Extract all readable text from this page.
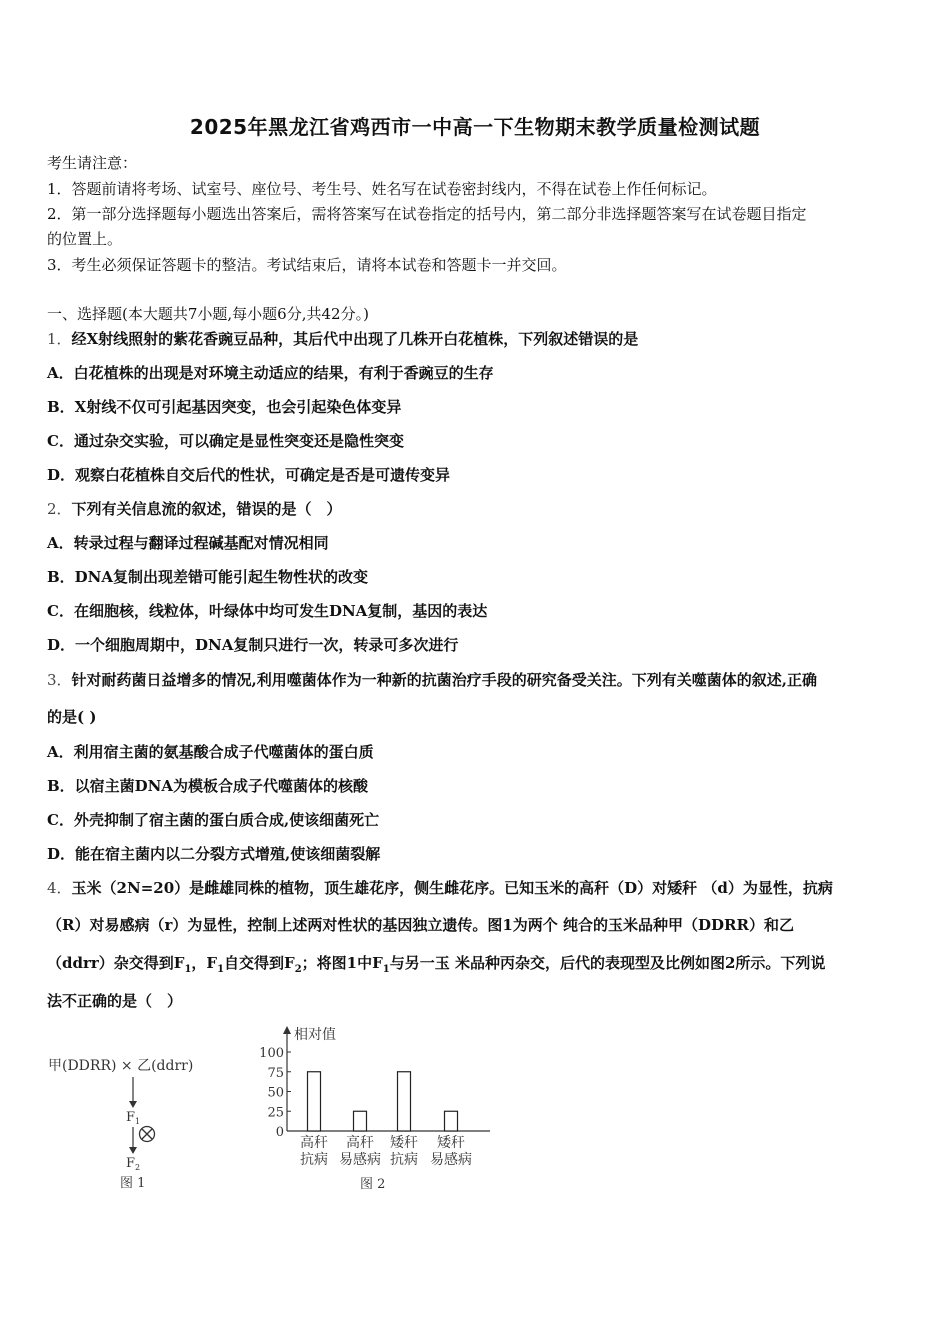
2025年黑龙江省鸡西市一中高一下生物期末教学质量检测试题
考生请注意：
1．答题前请将考场、试室号、座位号、考生号、姓名写在试卷密封线内，不得在试卷上作任何标记。
2．第一部分选择题每小题选出答案后，需将答案写在试卷指定的括号内，第二部分非选择题答案写在试卷题目指定
的位置上。
3．考生必须保证答题卡的整洁。考试结束后，请将本试卷和答题卡一并交回。
一、选择题(本大题共7小题,每小题6分,共42分。)
1．经X射线照射的紫花香豌豆品种，其后代中出现了几株开白花植株，下列叙述错误的是
A．白花植株的出现是对环境主动适应的结果，有利于香豌豆的生存
B．X射线不仅可引起基因突变，也会引起染色体变异
C．通过杂交实验，可以确定是显性突变还是隐性突变
D．观察白花植株自交后代的性状，可确定是否是可遗传变异
2．下列有关信息流的叙述，错误的是（　）
A．转录过程与翻译过程碱基配对情况相同
B．DNA复制出现差错可能引起生物性状的改变
C．在细胞核，线粒体，叶绿体中均可发生DNA复制，基因的表达
D．一个细胞周期中，DNA复制只进行一次，转录可多次进行
3．针对耐药菌日益增多的情况,利用噬菌体作为一种新的抗菌治疗手段的研究备受关注。下列有关噬菌体的叙述,正确
的是( )
A．利用宿主菌的氨基酸合成子代噬菌体的蛋白质
B．以宿主菌DNA为模板合成子代噬菌体的核酸
C．外壳抑制了宿主菌的蛋白质合成,使该细菌死亡
D．能在宿主菌内以二分裂方式增殖,使该细菌裂解
4．玉米（2N=20）是雌雄同株的植物，顶生雄花序，侧生雌花序。已知玉米的高秆（D）对矮秆 （d）为显性，抗病
（R）对易感病（r）为显性，控制上述两对性状的基因独立遗传。图1为两个 纯合的玉米品种甲（DDRR）和乙
（ddrr）杂交得到$F_1$，$F_1$自交得到$F_2$；将图1中$F_1$与另一玉 米品种丙杂交，后代的表现型及比例如图2所示。下列说
法不正确的是（　）
甲(DDRR) × 乙(ddrr)
$F_1$
$F_2$
图 1
相对值
0
25
50
75
100
高秆
抗病
高秆
易感病
矮秆
抗病
矮秆
易感病
图 2
